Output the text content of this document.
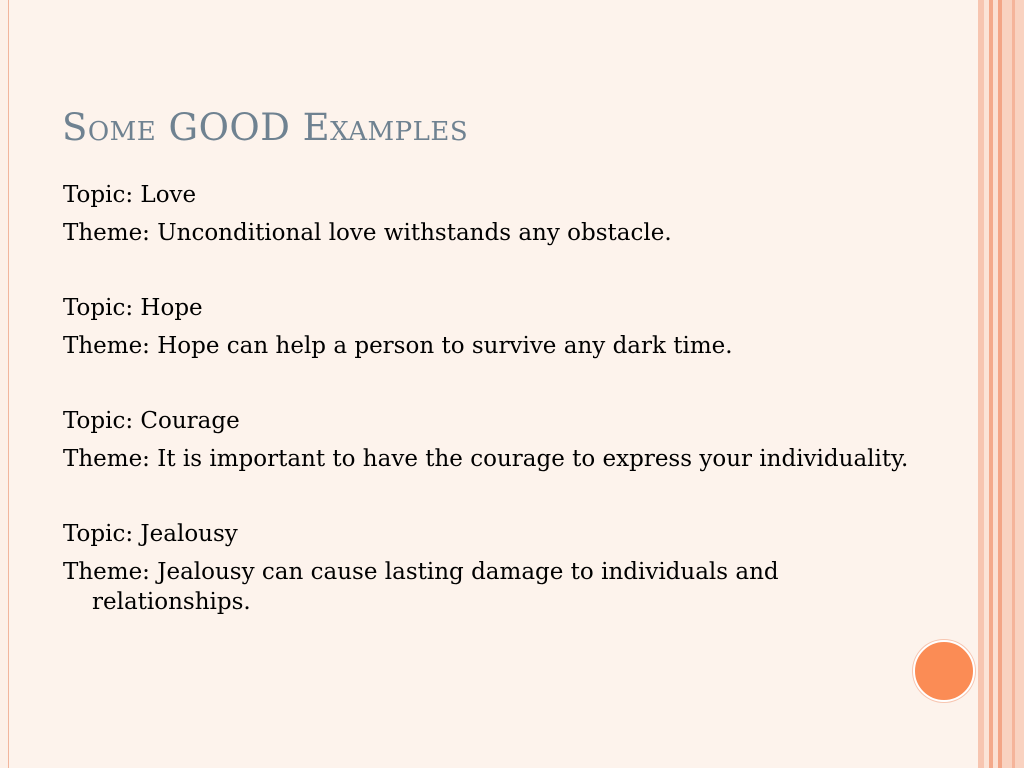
Some GOOD Examples

Topic: Love

Theme: Unconditional love withstands any obstacle.

Topic: Hope

Theme: Hope can help a person to survive any dark time.

Topic: Courage

Theme: It is important to have the courage to express your individuality.

Topic: Jealousy

Theme: Jealousy can cause lasting damage to individuals and relationships.
